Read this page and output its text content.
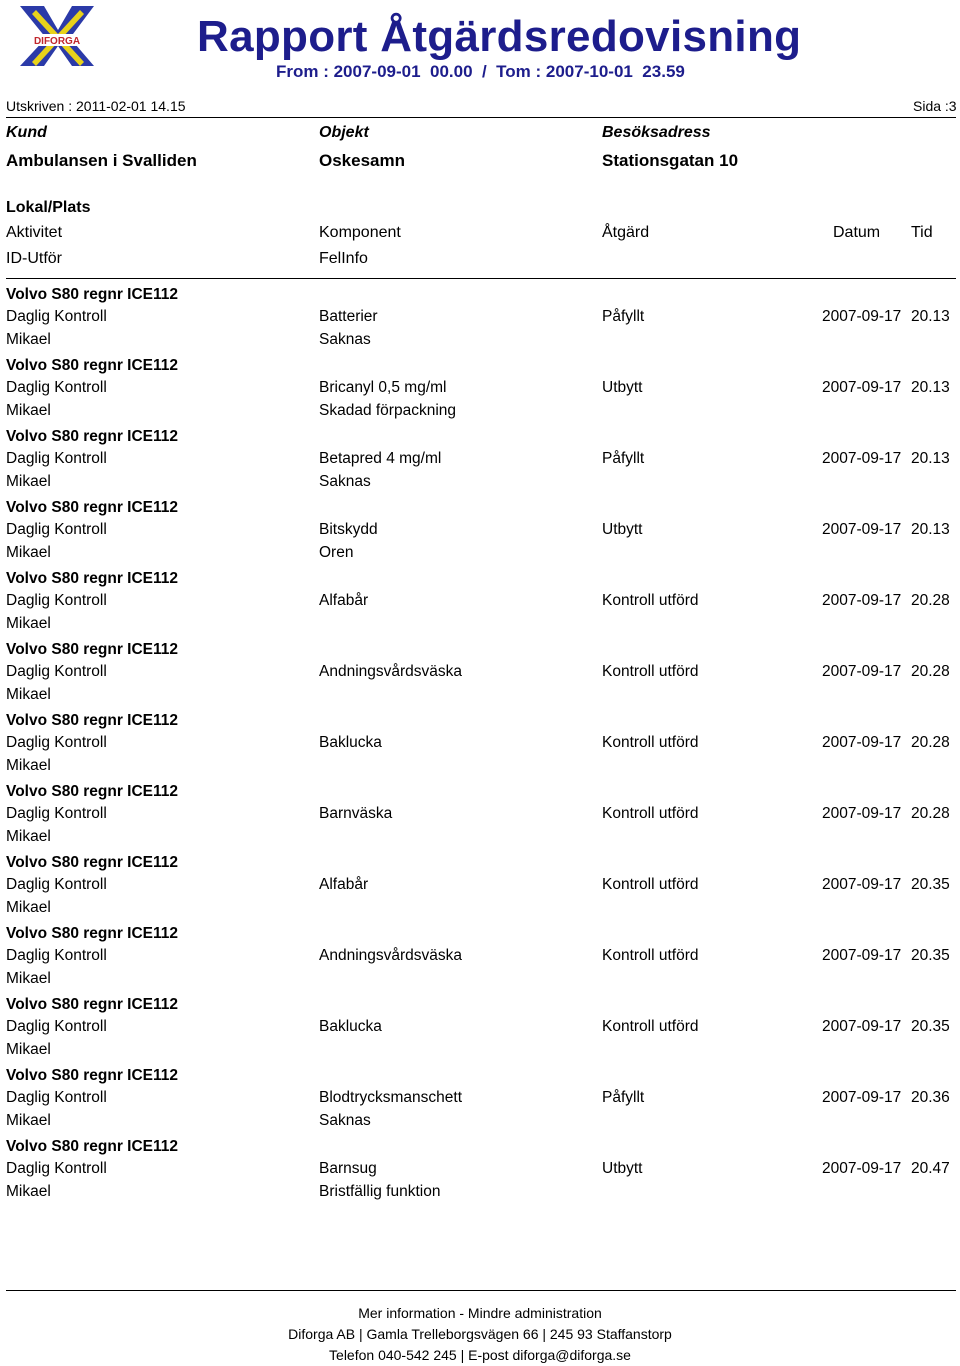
DIFORGA	Rapport Åtgärdsredovisning
From : 2007-09-01  00.00  /  Tom : 2007-10-01  23.59
Utskriven : 2011-02-01 14.15	Sida :3
Kund	Objekt	Besöksadress
Ambulansen i Svalliden	Oskesamn	Stationsgatan 10
Lokal/Plats
Aktivitet	Komponent	Åtgärd	Datum Tid
ID-Utför	FelInfo
Volvo S80 regnr ICE112
Daglig Kontroll	Batterier	Påfyllt	2007-09-17 20.13
Mikael	Saknas
Volvo S80 regnr ICE112
Daglig Kontroll	Bricanyl 0,5 mg/ml	Utbytt	2007-09-17 20.13
Mikael	Skadad förpackning
Volvo S80 regnr ICE112
Daglig Kontroll	Betapred 4 mg/ml	Påfyllt	2007-09-17 20.13
Mikael	Saknas
Volvo S80 regnr ICE112
Daglig Kontroll	Bitskydd	Utbytt	2007-09-17 20.13
Mikael	Oren
Volvo S80 regnr ICE112
Daglig Kontroll	Alfabår	Kontroll utförd	2007-09-17 20.28
Mikael
Volvo S80 regnr ICE112
Daglig Kontroll	Andningsvårdsväska	Kontroll utförd	2007-09-17 20.28
Mikael
Volvo S80 regnr ICE112
Daglig Kontroll	Baklucka	Kontroll utförd	2007-09-17 20.28
Mikael
Volvo S80 regnr ICE112
Daglig Kontroll	Barnväska	Kontroll utförd	2007-09-17 20.28
Mikael
Volvo S80 regnr ICE112
Daglig Kontroll	Alfabår	Kontroll utförd	2007-09-17 20.35
Mikael
Volvo S80 regnr ICE112
Daglig Kontroll	Andningsvårdsväska	Kontroll utförd	2007-09-17 20.35
Mikael
Volvo S80 regnr ICE112
Daglig Kontroll	Baklucka	Kontroll utförd	2007-09-17 20.35
Mikael
Volvo S80 regnr ICE112
Daglig Kontroll	Blodtrycksmanschett	Påfyllt	2007-09-17 20.36
Mikael	Saknas
Volvo S80 regnr ICE112
Daglig Kontroll	Barnsug	Utbytt	2007-09-17 20.47
Mikael	Bristfällig funktion
Mer information - Mindre administration
Diforga AB | Gamla Trelleborgsvägen 66 | 245 93 Staffanstorp
Telefon 040-542 245 | E-post diforga@diforga.se
